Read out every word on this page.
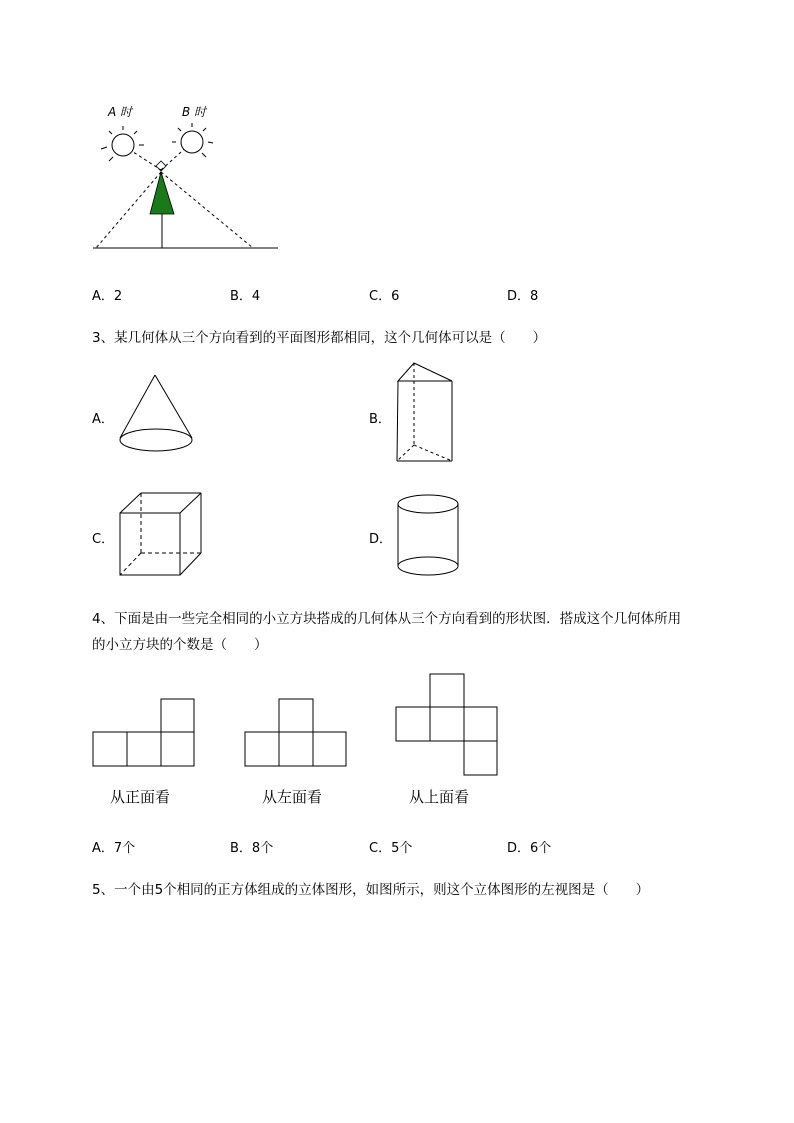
A 时	B 时
A．2	B．4	C．6	D．8
3、某几何体从三个方向看到的平面图形都相同，这个几何体可以是（　　）
A．	B．
C．	D．
4、下面是由一些完全相同的小立方块搭成的几何体从三个方向看到的形状图．搭成这个几何体所用
的小立方块的个数是（　　）
从正面看	从左面看	从上面看
A．7个	B．8个	C．5个	D．6个
5、一个由5个相同的正方体组成的立体图形，如图所示，则这个立体图形的左视图是（　　）
